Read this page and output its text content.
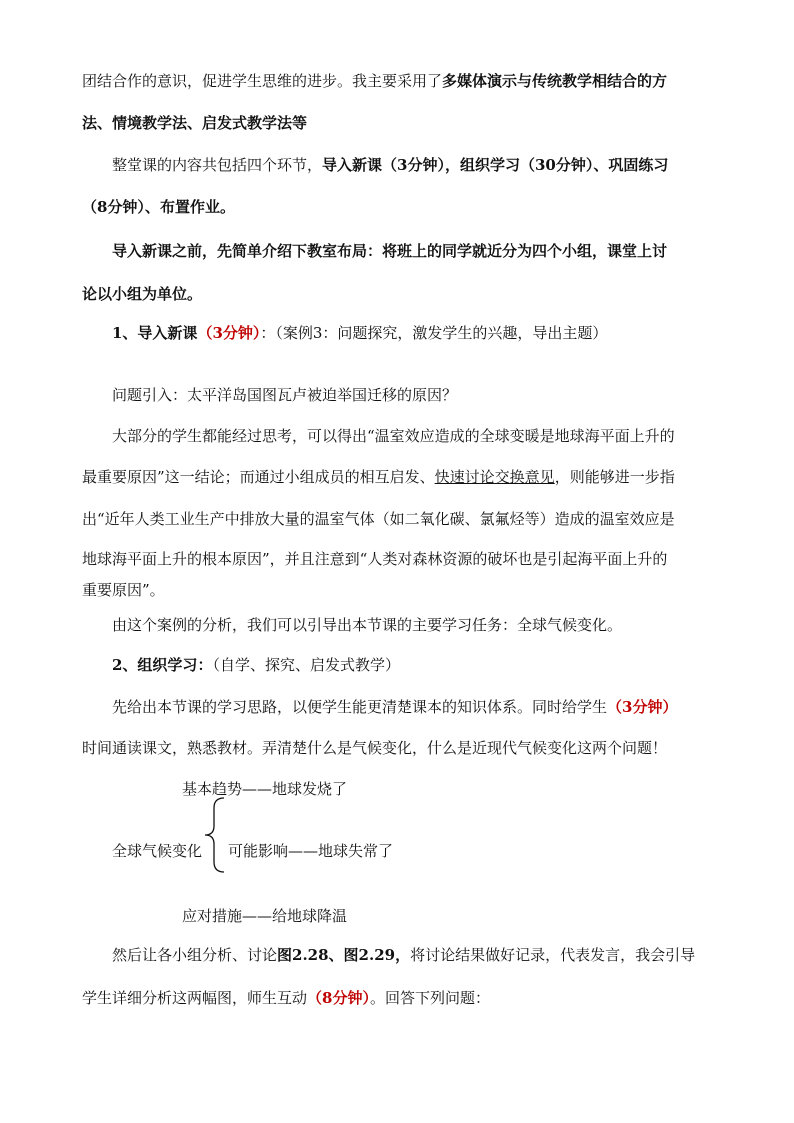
团结合作的意识，促进学生思维的进步。我主要采用了多媒体演示与传统教学相结合的方
法、情境教学法、启发式教学法等
整堂课的内容共包括四个环节，导入新课（3分钟），组织学习（30分钟）、巩固练习
（8分钟）、布置作业。
导入新课之前，先简单介绍下教室布局：将班上的同学就近分为四个小组，课堂上讨
论以小组为单位。
1、导入新课（3分钟）：（案例3：问题探究，激发学生的兴趣，导出主题）
问题引入：太平洋岛国图瓦卢被迫举国迁移的原因？
大部分的学生都能经过思考，可以得出“温室效应造成的全球变暖是地球海平面上升的
最重要原因”这一结论；而通过小组成员的相互启发、快速讨论交换意见，则能够进一步指
出“近年人类工业生产中排放大量的温室气体（如二氧化碳、氯氟烃等）造成的温室效应是
地球海平面上升的根本原因”，并且注意到“人类对森林资源的破坏也是引起海平面上升的
重要原因”。
由这个案例的分析，我们可以引导出本节课的主要学习任务：全球气候变化。
2、组织学习：（自学、探究、启发式教学）
先给出本节课的学习思路，以便学生能更清楚课本的知识体系。同时给学生（3分钟）
时间通读课文，熟悉教材。弄清楚什么是气候变化，什么是近现代气候变化这两个问题！
基本趋势——地球发烧了
全球气候变化 可能影响——地球失常了
应对措施——给地球降温
然后让各小组分析、讨论图2.28、图2.29，将讨论结果做好记录，代表发言，我会引导
学生详细分析这两幅图，师生互动（8分钟）。回答下列问题：
